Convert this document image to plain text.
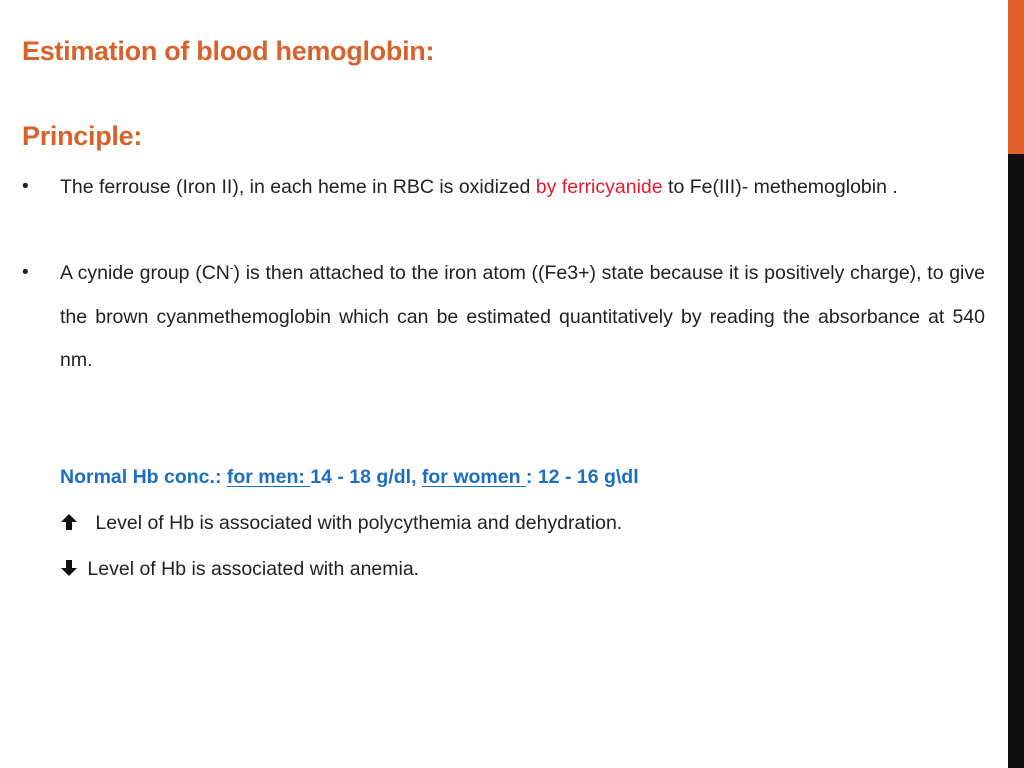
Estimation of blood hemoglobin:
Principle:
• The ferrouse (Iron II), in each heme in RBC is oxidized by ferricyanide to Fe(III)- methemoglobin .

• A cynide group (CN-) is then attached to the iron atom ((Fe3+) state because it is positively charge), to give the brown cyanmethemoglobin which can be estimated quantitatively by reading the absorbance at 540 nm.

Normal Hb conc.: for men: 14 - 18 g/dl, for women : 12 - 16 g\dl
Level of Hb is associated with polycythemia and dehydration.
Level of Hb is associated with anemia.
